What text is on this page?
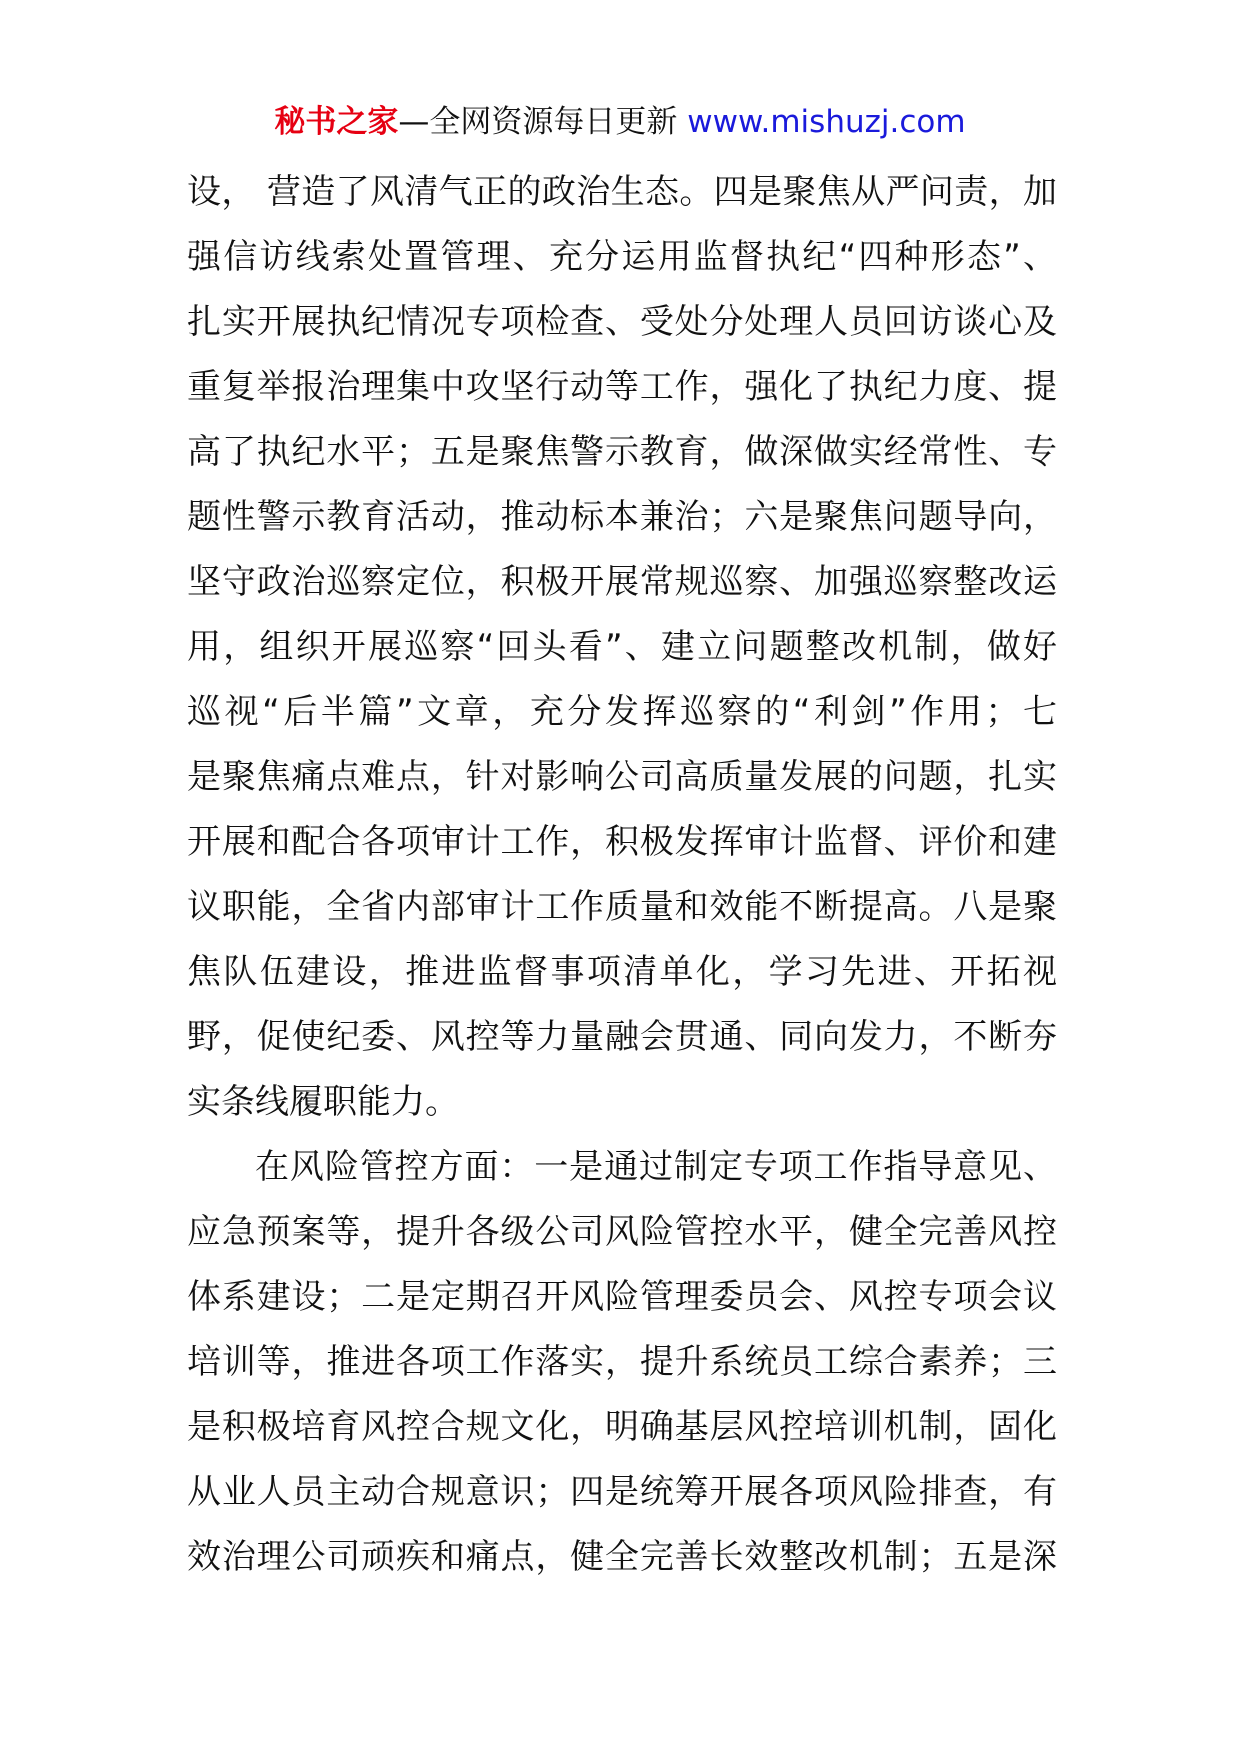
秘书之家—全网资源每日更新 www.mishuzj.com
设， 营造了风清气正的政治生态。四是聚焦从严问责，加
强信访线索处置管理、充分运用监督执纪“四种形态”、
扎实开展执纪情况专项检查、受处分处理人员回访谈心及
重复举报治理集中攻坚行动等工作，强化了执纪力度、提
高了执纪水平；五是聚焦警示教育，做深做实经常性、专
题性警示教育活动，推动标本兼治；六是聚焦问题导向，
坚守政治巡察定位，积极开展常规巡察、加强巡察整改运
用，组织开展巡察“回头看”、建立问题整改机制，做好
巡视“后半篇”文章，充分发挥巡察的“利剑”作用；七
是聚焦痛点难点，针对影响公司高质量发展的问题，扎实
开展和配合各项审计工作，积极发挥审计监督、评价和建
议职能，全省内部审计工作质量和效能不断提高。八是聚
焦队伍建设，推进监督事项清单化，学习先进、开拓视
野，促使纪委、风控等力量融会贯通、同向发力，不断夯
实条线履职能力。
在风险管控方面：一是通过制定专项工作指导意见、
应急预案等，提升各级公司风险管控水平，健全完善风控
体系建设；二是定期召开风险管理委员会、风控专项会议
培训等，推进各项工作落实，提升系统员工综合素养；三
是积极培育风控合规文化，明确基层风控培训机制，固化
从业人员主动合规意识；四是统筹开展各项风险排查，有
效治理公司顽疾和痛点，健全完善长效整改机制；五是深
